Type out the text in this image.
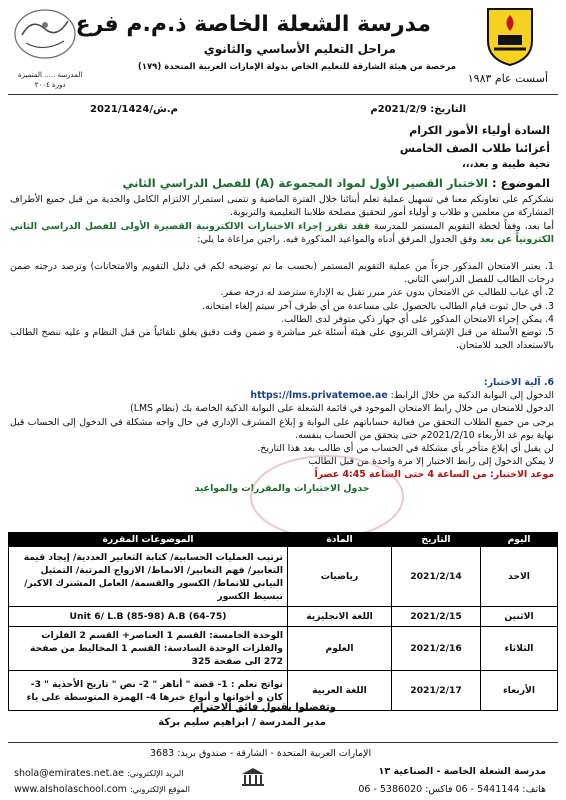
المدرسة ..... المتميزة
دورة ٢٠٠٤
مدرسة الشعلة الخاصة ذ.م.م فرع
مراحل التعليم الأساسي والثانوي
مرخصة من هيئة الشارقة للتعليم الخاص بدولة الإمارات العربية المتحدة (١٧٩)
أسست عام ١٩٨٣
التاريخ: 2021/2/9م
م.ش/2021/1424
السادة أولياء الأمور الكرام
أعزائنا طلاب الصف الخامس
تحية طيبة و بعد،،،
الموضوع : الاختبار القصير الأول لمواد المجموعة (A) للفصل الدراسي الثاني
نشكركم على تعاونكم معنا في تسهيل عملية تعلم أبنائنا خلال الفترة الماضية و نتمنى استمرار الالتزام الكامل والجدية من قبل جميع الأطراف المشاركة من معلمين و طلاب و أولياء أمور لتحقيق مصلحة طلابنا التعليمية والتربوية.
أما بعد، وفقاً لخطة التقويم المستمر للمدرسة فقد تقرر إجراء الاختبارات الالكترونية القصيرة الأولى للفصل الدراسي الثاني الكترونياً عن بعد وفق الجدول المرفق أدناه والمواعيد المذكورة فيه. راجين مراعاة ما يلي:
1. يعتبر الامتحان المذكور جزءاً من عملية التقويم المستمر (بحسب ما تم توضيحه لكم في دليل التقويم والامتحانات) وترصد درجته ضمن درجات الطالب للفصل الدراسي الثاني.
2. أي غياب للطالب عن الامتحان بدون عذر مبرر تقبل به الإدارة سترصد له درجة صفر.
3. في حال ثبوت قيام الطالب بالحصول على مساعدة من أي طرف آخر سيتم إلغاء امتحانه.
4. يمكن إجراء الامتحان المذكور على أي جهاز ذكي متوفر لدى الطالب.
5. توضع الأسئلة من قبل الإشراف التربوي على هيئة أسئلة غير مباشرة و ضمن وقت دقيق يغلق تلقائياً من قبل النظام و عليه ننصح الطالب بالاستعداد الجيد للامتحان.
6. آلية الاختبار:
الدخول إلى البوابة الذكية من خلال الرابط: https://lms.privatemoe.ae
الدخول للامتحان من خلال رابط الامتحان الموجود في قائمة الشعلة على البوابة الذكية الخاصة بك (نظام LMS)
يرجى من جميع الطلاب التحقق من فعالية حساباتهم على البوابة و إبلاغ المشرف الإداري في حال واجه مشكلة في الدخول إلى الحساب قبل نهاية يوم غد الأربعاء 2021/2/10م حتى يتحقق من الحساب بنفسه.
لن يقبل أي إبلاغ متأخر بأي مشكلة في الحساب من أي طالب بعد هذا التاريخ.
لا يمكن الدخول إلى رابط الاختبار إلا مرة واحدة من قبل الطالب
موعد الاختبار: من الساعة 4 حتى الساعة 4:45 عصراً
جدول الاختبارات والمقررات والمواعيد
اليوم	التاريخ	المادة	الموضوعات المقررة
الاحد	2021/2/14	رياضيات	ترتيب العمليات الحسابية/ كتابة التعابير العددية/ إيجاد قيمة التعابير/ فهم التعابير/ الانماط/ الازواج المرتبة/ التمثيل البياني للانماط/ الكسور والقسمة/ العامل المشترك الاكبر/ تبسيط الكسور
الاثنين	2021/2/15	اللغة الانجليزية	Unit 6/ L.B (85-98) A.B (64-75)
الثلاثاء	2021/2/16	العلوم	الوحدة الخامسة: القسم 1 العناصر+ القسم 2 الفلزات والفلزات الوحدة السادسة: القسم 1 المخاليط من صفحة 272 الى صفحة 325
الأربعاء	2021/2/17	اللغة العربية	نواتج تعلم : 1- قصة " أناهر " 2- نص " تاريخ الأحذية " 3- كان و أخواتها و أنواع خبرها 4- الهمزة المتوسطة على ياء
وتفضلوا بقبول فائق الاحترام
مدير المدرسة / ابراهيم سليم بركة
الإمارات العربية المتحدة - الشارقة - صندوق بريد: 3683
shola@emirates.net.ae البريد الإلكتروني:
www.alsholaschool.com الموقع الإلكتروني:
مدرسة الشعلة الخاصة - الصناعية ١٣
هاتف: 5441144 - 06 فاكس: 5386020 - 06
